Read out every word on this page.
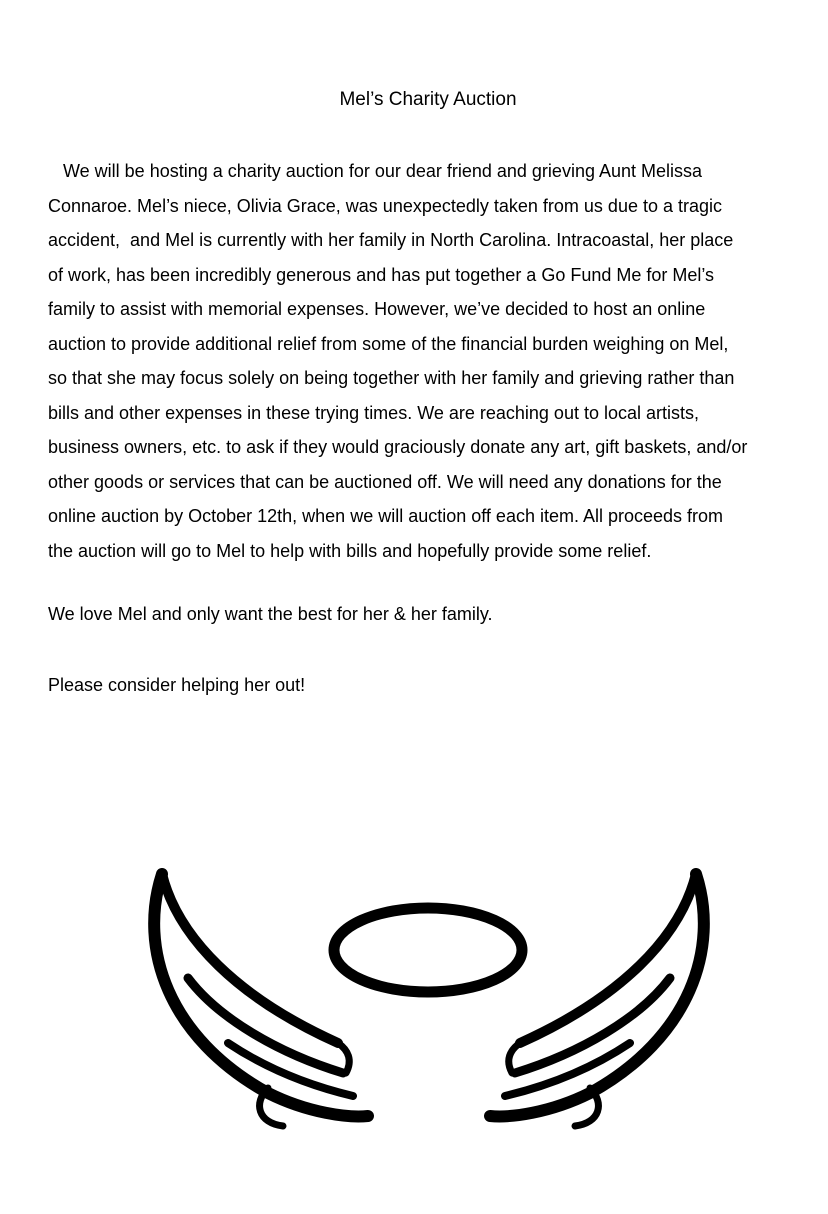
Mel’s Charity Auction

We will be hosting a charity auction for our dear friend and grieving Aunt Melissa
Connaroe. Mel’s niece, Olivia Grace, was unexpectedly taken from us due to a tragic
accident,  and Mel is currently with her family in North Carolina. Intracoastal, her place
of work, has been incredibly generous and has put together a Go Fund Me for Mel’s
family to assist with memorial expenses. However, we’ve decided to host an online
auction to provide additional relief from some of the financial burden weighing on Mel,
so that she may focus solely on being together with her family and grieving rather than
bills and other expenses in these trying times. We are reaching out to local artists,
business owners, etc. to ask if they would graciously donate any art, gift baskets, and/or
other goods or services that can be auctioned off. We will need any donations for the
online auction by October 12th, when we will auction off each item. All proceeds from
the auction will go to Mel to help with bills and hopefully provide some relief.

We love Mel and only want the best for her & her family.

Please consider helping her out!
